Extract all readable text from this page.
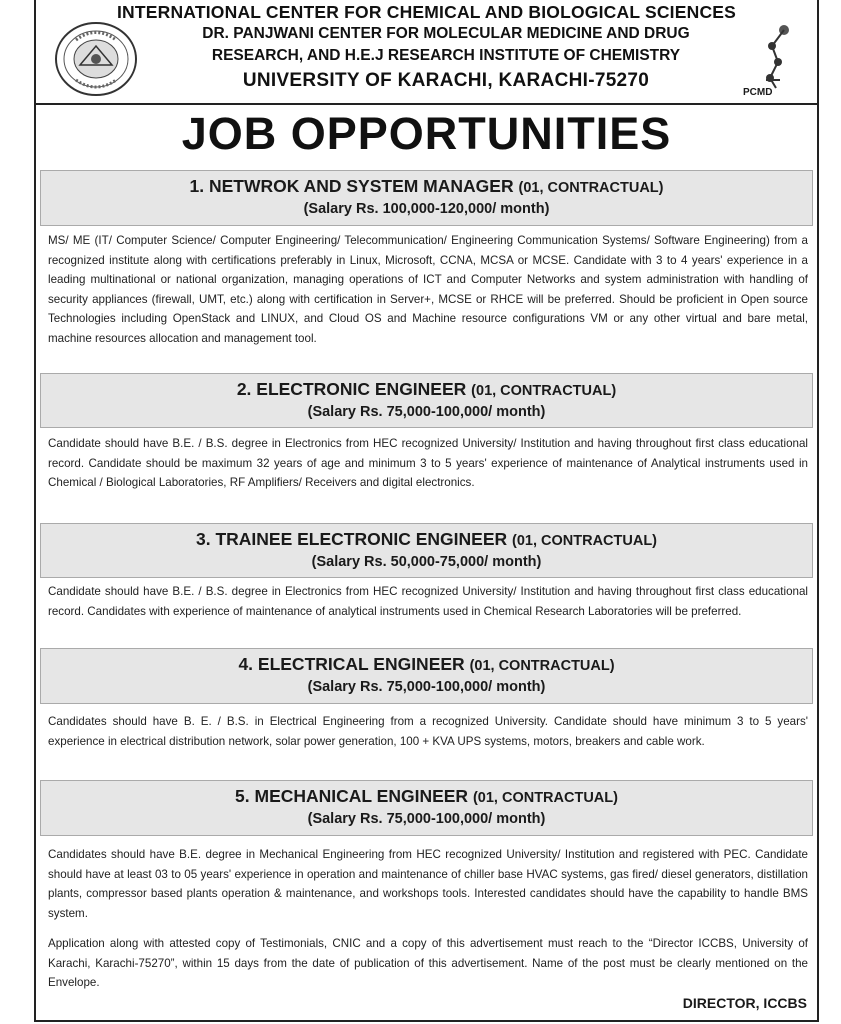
INTERNATIONAL CENTER FOR CHEMICAL AND BIOLOGICAL SCIENCES
DR. PANJWANI CENTER FOR MOLECULAR MEDICINE AND DRUG
RESEARCH, AND H.E.J RESEARCH INSTITUTE OF CHEMISTRY
UNIVERSITY OF KARACHI, KARACHI-75270
PCMD
JOB OPPORTUNITIES
1. NETWROK AND SYSTEM MANAGER (01, CONTRACTUAL)
(Salary Rs. 100,000-120,000/ month)
MS/ ME (IT/ Computer Science/ Computer Engineering/ Telecommunication/ Engineering Communication Systems/ Software Engineering) from a recognized institute along with certifications preferably in Linux, Microsoft, CCNA, MCSA or MCSE. Candidate with 3 to 4 years' experience in a leading multinational or national organization, managing operations of ICT and Computer Networks and system administration with handling of security appliances (firewall, UMT, etc.) along with certification in Server+, MCSE or RHCE will be preferred. Should be proficient in Open source Technologies including OpenStack and LINUX, and Cloud OS and Machine resource configurations VM or any other virtual and bare metal, machine resources allocation and management tool.
2. ELECTRONIC ENGINEER (01, CONTRACTUAL)
(Salary Rs. 75,000-100,000/ month)
Candidate should have B.E. / B.S. degree in Electronics from HEC recognized University/ Institution and having throughout first class educational record. Candidate should be maximum 32 years of age and minimum 3 to 5 years' experience of maintenance of Analytical instruments used in Chemical / Biological Laboratories, RF Amplifiers/ Receivers and digital electronics.
3. TRAINEE ELECTRONIC ENGINEER (01, CONTRACTUAL)
(Salary Rs. 50,000-75,000/ month)
Candidate should have B.E. / B.S. degree in Electronics from HEC recognized University/ Institution and having throughout first class educational record. Candidates with experience of maintenance of analytical instruments used in Chemical Research Laboratories will be preferred.
4. ELECTRICAL ENGINEER (01, CONTRACTUAL)
(Salary Rs. 75,000-100,000/ month)
Candidates should have B. E. / B.S. in Electrical Engineering from a recognized University. Candidate should have minimum 3 to 5 years' experience in electrical distribution network, solar power generation, 100 + KVA UPS systems, motors, breakers and cable work.
5. MECHANICAL ENGINEER (01, CONTRACTUAL)
(Salary Rs. 75,000-100,000/ month)
Candidates should have B.E. degree in Mechanical Engineering from HEC recognized University/ Institution and registered with PEC. Candidate should have at least 03 to 05 years' experience in operation and maintenance of chiller base HVAC systems, gas fired/ diesel generators, distillation plants, compressor based plants operation & maintenance, and workshops tools. Interested candidates should have the capability to handle BMS system.
Application along with attested copy of Testimonials, CNIC and a copy of this advertisement must reach to the “Director ICCBS, University of Karachi, Karachi-75270”, within 15 days from the date of publication of this advertisement. Name of the post must be clearly mentioned on the Envelope.
DIRECTOR, ICCBS
